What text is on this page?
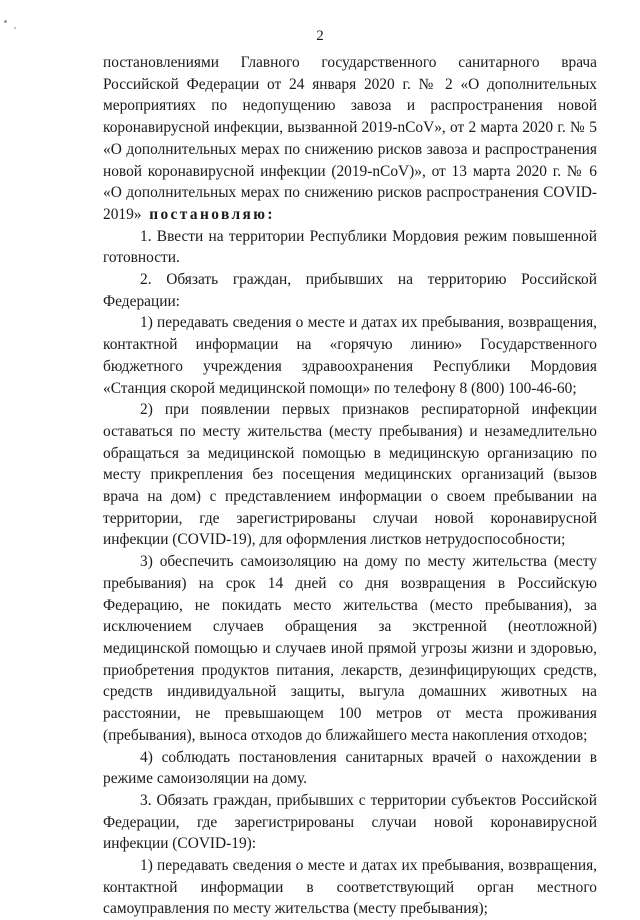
2

постановлениями Главного государственного санитарного врача Российской Федерации от 24 января 2020 г. № 2 «О дополнительных мероприятиях по недопущению завоза и распространения новой коронавирусной инфекции, вызванной 2019-nCoV», от 2 марта 2020 г. № 5 «О дополнительных мерах по снижению рисков завоза и распространения новой коронавирусной инфекции (2019-nCoV)», от 13 марта 2020 г. № 6 «О дополнительных мерах по снижению рисков распространения COVID-2019» постановляю:

1. Ввести на территории Республики Мордовия режим повышенной готовности.

2. Обязать граждан, прибывших на территорию Российской Федерации:

1) передавать сведения о месте и датах их пребывания, возвращения, контактной информации на «горячую линию» Государственного бюджетного учреждения здравоохранения Республики Мордовия «Станция скорой медицинской помощи» по телефону 8 (800) 100-46-60;

2) при появлении первых признаков респираторной инфекции оставаться по месту жительства (месту пребывания) и незамедлительно обращаться за медицинской помощью в медицинскую организацию по месту прикрепления без посещения медицинских организаций (вызов врача на дом) с представлением информации о своем пребывании на территории, где зарегистрированы случаи новой коронавирусной инфекции (COVID-19), для оформления листков нетрудоспособности;

3) обеспечить самоизоляцию на дому по месту жительства (месту пребывания) на срок 14 дней со дня возвращения в Российскую Федерацию, не покидать место жительства (место пребывания), за исключением случаев обращения за экстренной (неотложной) медицинской помощью и случаев иной прямой угрозы жизни и здоровью, приобретения продуктов питания, лекарств, дезинфицирующих средств, средств индивидуальной защиты, выгула домашних животных на расстоянии, не превышающем 100 метров от места проживания (пребывания), выноса отходов до ближайшего места накопления отходов;

4) соблюдать постановления санитарных врачей о нахождении в режиме самоизоляции на дому.

3. Обязать граждан, прибывших с территории субъектов Российской Федерации, где зарегистрированы случаи новой коронавирусной инфекции (COVID-19):

1) передавать сведения о месте и датах их пребывания, возвращения, контактной информации в соответствующий орган местного самоуправления по месту жительства (месту пребывания);
